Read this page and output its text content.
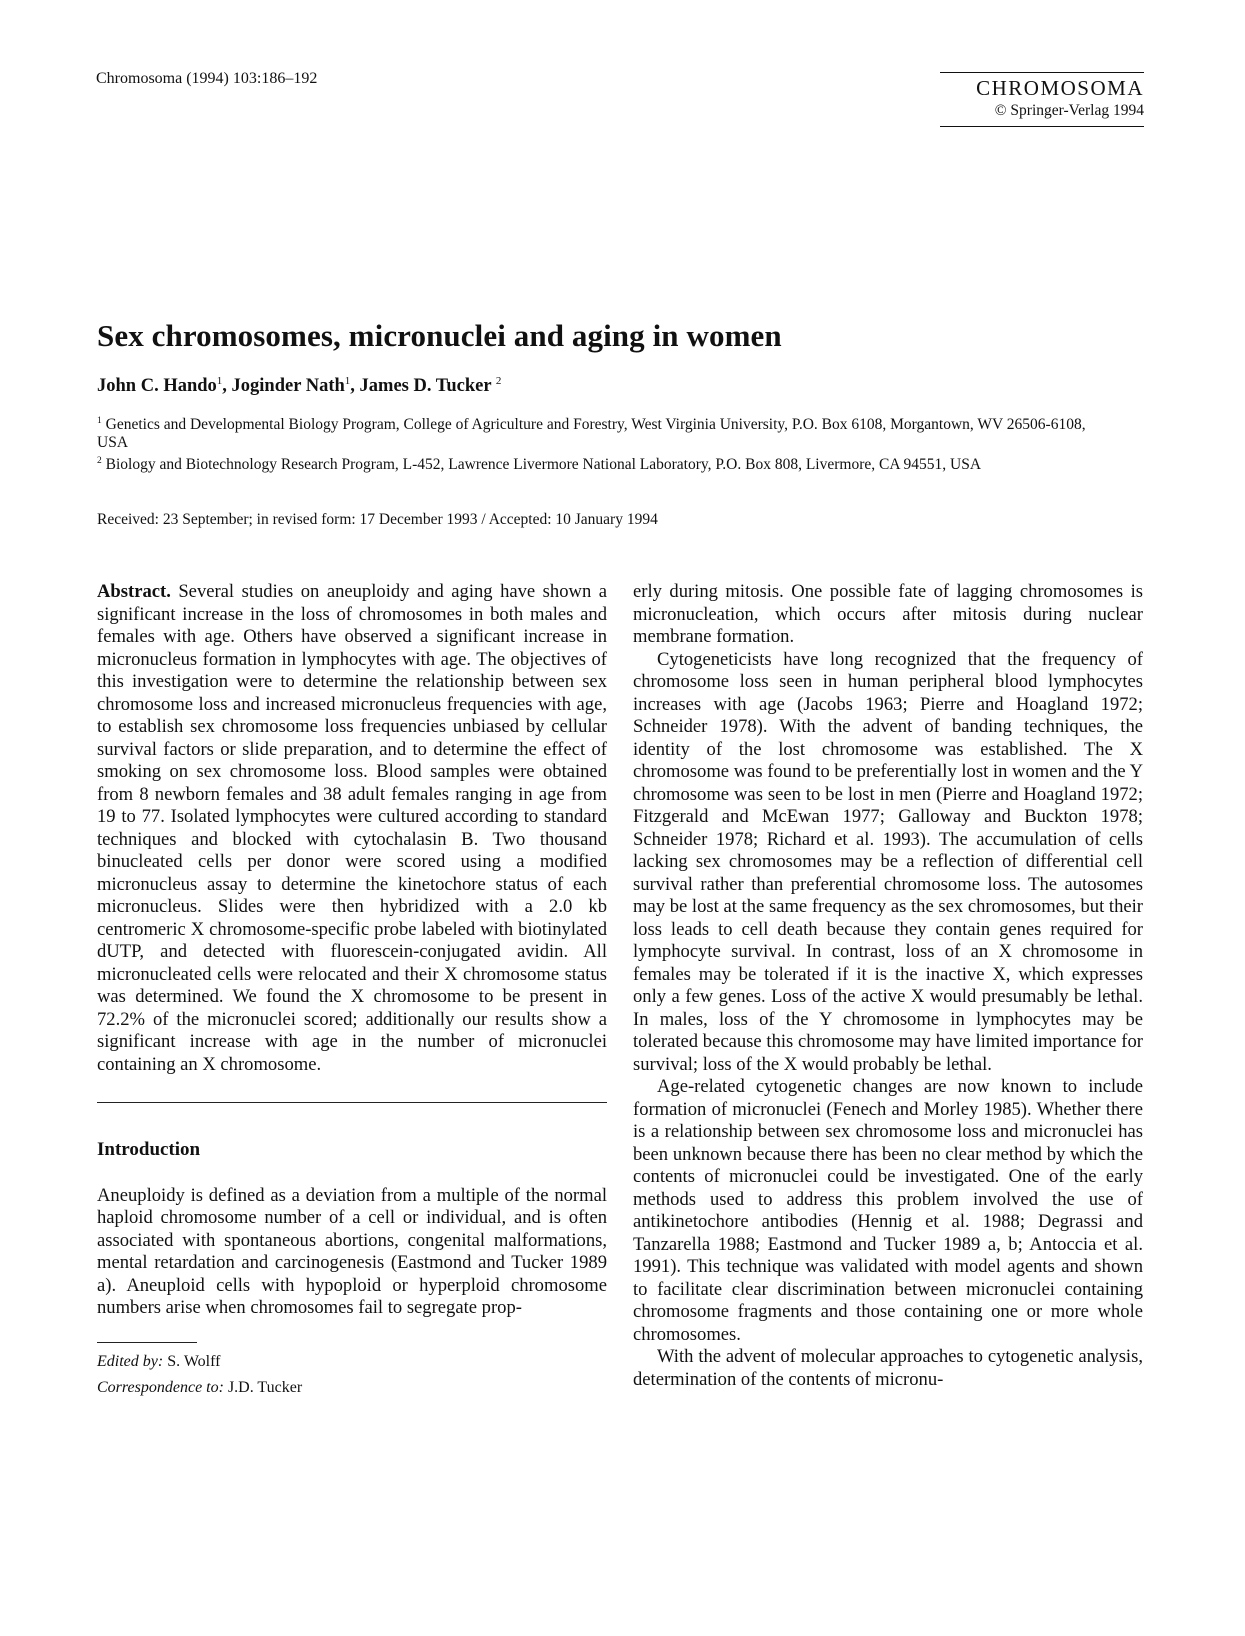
Chromosoma (1994) 103:186–192	CHROMOSOMA
© Springer-Verlag 1994
Sex chromosomes, micronuclei and aging in women
John C. Hando$^1$, Joginder Nath$^1$, James D. Tucker $^2$
$^1$ Genetics and Developmental Biology Program, College of Agriculture and Forestry, West Virginia University, P.O. Box 6108, Morgantown, WV 26506-6108, USA
$^2$ Biology and Biotechnology Research Program, L-452, Lawrence Livermore National Laboratory, P.O. Box 808, Livermore, CA 94551, USA
Received: 23 September; in revised form: 17 December 1993 / Accepted: 10 January 1994

Abstract. Several studies on aneuploidy and aging have shown a significant increase in the loss of chromosomes in both males and females with age. Others have observed a significant increase in micronucleus formation in lymphocytes with age. The objectives of this investigation were to determine the relationship between sex chromosome loss and increased micronucleus frequencies with age, to establish sex chromosome loss frequencies unbiased by cellular survival factors or slide preparation, and to determine the effect of smoking on sex chromosome loss. Blood samples were obtained from 8 newborn females and 38 adult females ranging in age from 19 to 77. Isolated lymphocytes were cultured according to standard techniques and blocked with cytochalasin B. Two thousand binucleated cells per donor were scored using a modified micronucleus assay to determine the kinetochore status of each micronucleus. Slides were then hybridized with a 2.0 kb centromeric X chromosome-specific probe labeled with biotinylated dUTP, and detected with fluorescein-conjugated avidin. All micronucleated cells were relocated and their X chromosome status was determined. We found the X chromosome to be present in 72.2% of the micronuclei scored; additionally our results show a significant increase with age in the number of micronuclei containing an X chromosome.

Introduction

Aneuploidy is defined as a deviation from a multiple of the normal haploid chromosome number of a cell or individual, and is often associated with spontaneous abortions, congenital malformations, mental retardation and carcinogenesis (Eastmond and Tucker 1989 a). Aneuploid cells with hypoploid or hyperploid chromosome numbers arise when chromosomes fail to segregate prop-

Edited by: S. Wolff
Correspondence to: J.D. Tucker

erly during mitosis. One possible fate of lagging chromosomes is micronucleation, which occurs after mitosis during nuclear membrane formation.

Cytogeneticists have long recognized that the frequency of chromosome loss seen in human peripheral blood lymphocytes increases with age (Jacobs 1963; Pierre and Hoagland 1972; Schneider 1978). With the advent of banding techniques, the identity of the lost chromosome was established. The X chromosome was found to be preferentially lost in women and the Y chromosome was seen to be lost in men (Pierre and Hoagland 1972; Fitzgerald and McEwan 1977; Galloway and Buckton 1978; Schneider 1978; Richard et al. 1993). The accumulation of cells lacking sex chromosomes may be a reflection of differential cell survival rather than preferential chromosome loss. The autosomes may be lost at the same frequency as the sex chromosomes, but their loss leads to cell death because they contain genes required for lymphocyte survival. In contrast, loss of an X chromosome in females may be tolerated if it is the inactive X, which expresses only a few genes. Loss of the active X would presumably be lethal. In males, loss of the Y chromosome in lymphocytes may be tolerated because this chromosome may have limited importance for survival; loss of the X would probably be lethal.

Age-related cytogenetic changes are now known to include formation of micronuclei (Fenech and Morley 1985). Whether there is a relationship between sex chromosome loss and micronuclei has been unknown because there has been no clear method by which the contents of micronuclei could be investigated. One of the early methods used to address this problem involved the use of antikinetochore antibodies (Hennig et al. 1988; Degrassi and Tanzarella 1988; Eastmond and Tucker 1989 a, b; Antoccia et al. 1991). This technique was validated with model agents and shown to facilitate clear discrimination between micronuclei containing chromosome fragments and those containing one or more whole chromosomes.

With the advent of molecular approaches to cytogenetic analysis, determination of the contents of micronu-
